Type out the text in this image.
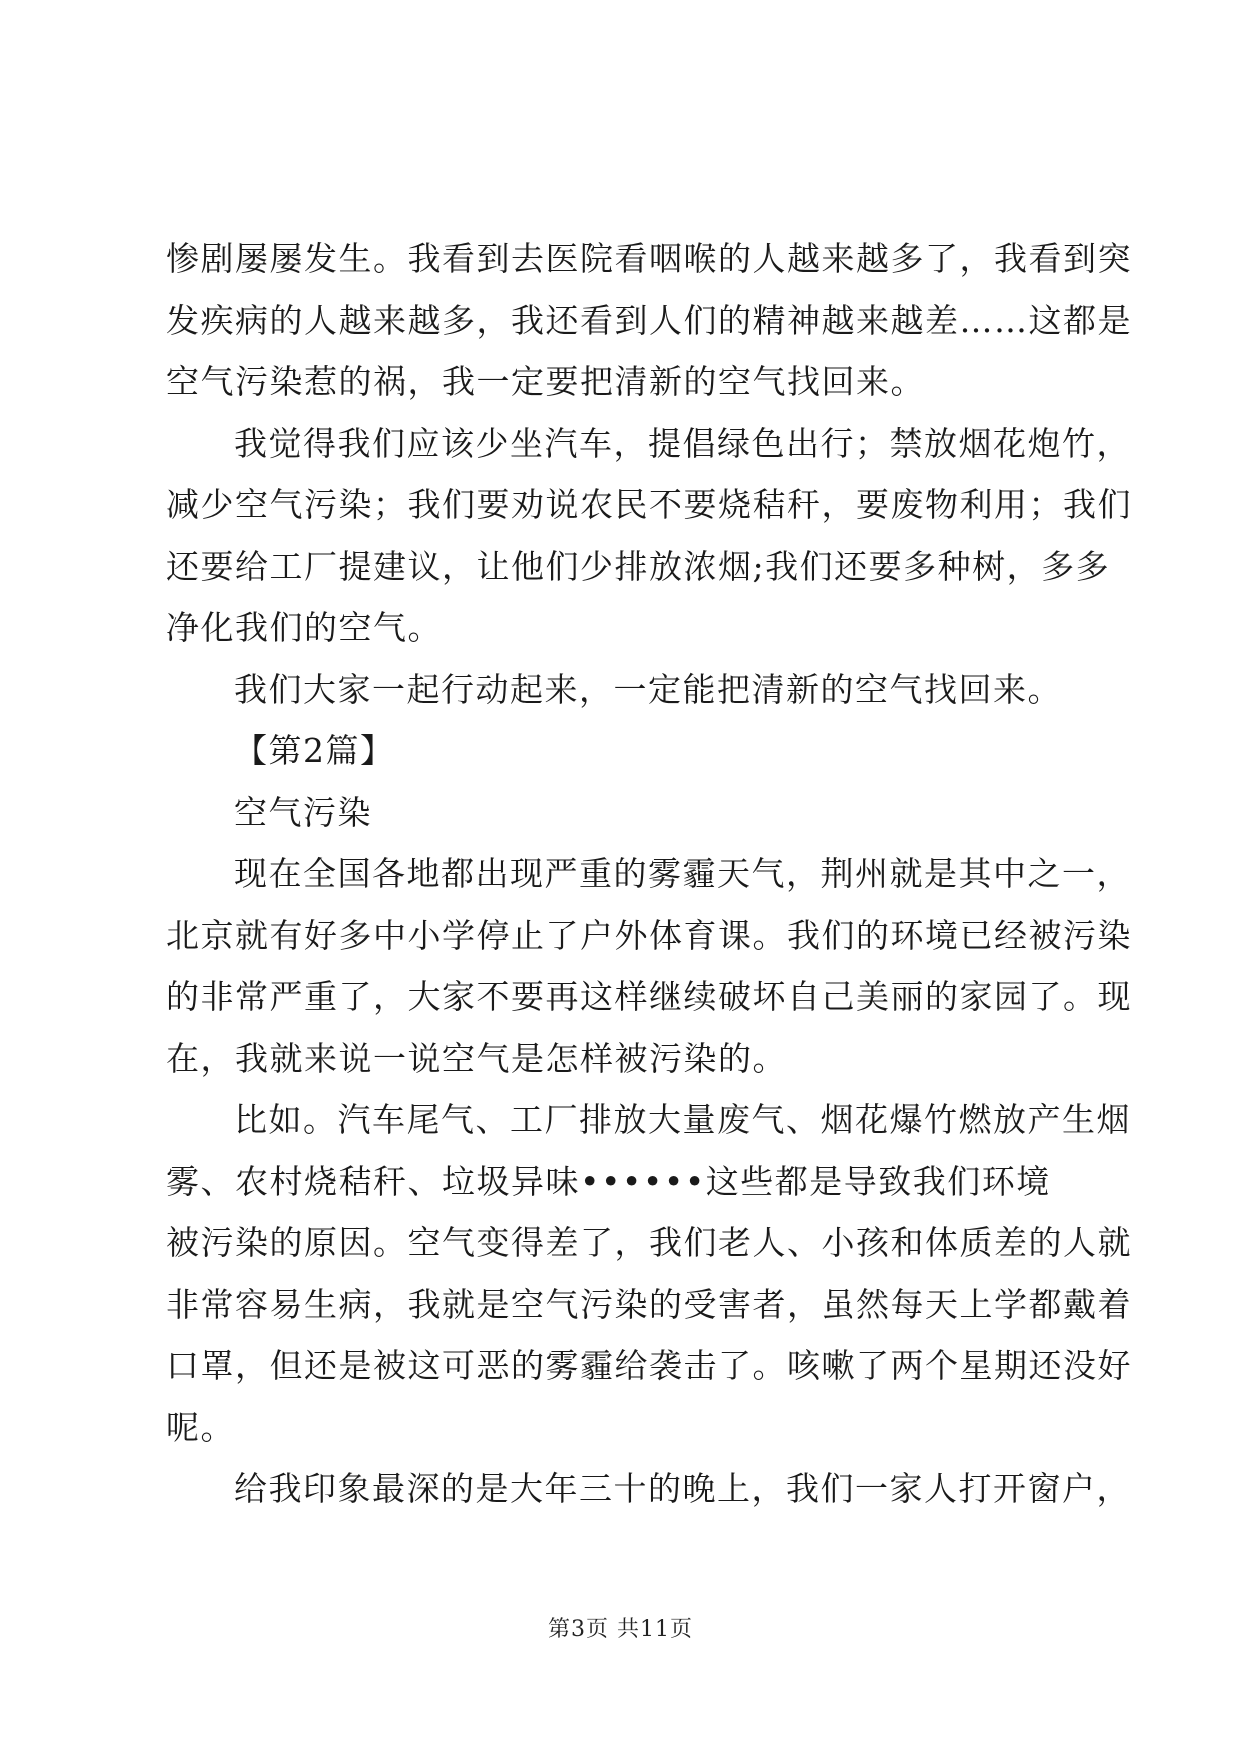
惨剧屡屡发生。我看到去医院看咽喉的人越来越多了，我看到突
发疾病的人越来越多，我还看到人们的精神越来越差……这都是
空气污染惹的祸，我一定要把清新的空气找回来。
我觉得我们应该少坐汽车，提倡绿色出行；禁放烟花炮竹，
减少空气污染；我们要劝说农民不要烧秸秆，要废物利用；我们
还要给工厂提建议，让他们少排放浓烟;我们还要多种树，多多
净化我们的空气。
我们大家一起行动起来，一定能把清新的空气找回来。
【第2篇】
空气污染
现在全国各地都出现严重的雾霾天气，荆州就是其中之一，
北京就有好多中小学停止了户外体育课。我们的环境已经被污染
的非常严重了，大家不要再这样继续破坏自己美丽的家园了。现
在，我就来说一说空气是怎样被污染的。
比如。汽车尾气、工厂排放大量废气、烟花爆竹燃放产生烟
雾、农村烧秸秆、垃圾异味••••••这些都是导致我们环境
被污染的原因。空气变得差了，我们老人、小孩和体质差的人就
非常容易生病，我就是空气污染的受害者，虽然每天上学都戴着
口罩，但还是被这可恶的雾霾给袭击了。咳嗽了两个星期还没好
呢。
给我印象最深的是大年三十的晚上，我们一家人打开窗户，
第3页 共11页
